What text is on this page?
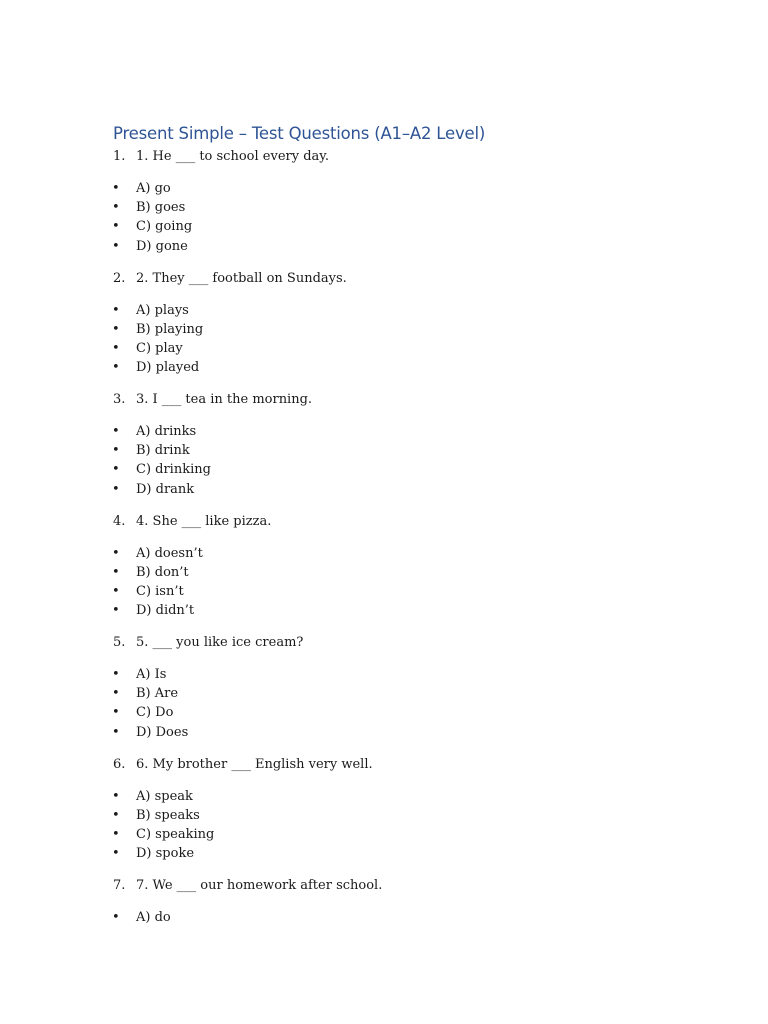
Present Simple – Test Questions (A1–A2 Level)
1. 1. He ___ to school every day.
• A) go
• B) goes
• C) going
• D) gone
2. 2. They ___ football on Sundays.
• A) plays
• B) playing
• C) play
• D) played
3. 3. I ___ tea in the morning.
• A) drinks
• B) drink
• C) drinking
• D) drank
4. 4. She ___ like pizza.
• A) doesn’t
• B) don’t
• C) isn’t
• D) didn’t
5. 5. ___ you like ice cream?
• A) Is
• B) Are
• C) Do
• D) Does
6. 6. My brother ___ English very well.
• A) speak
• B) speaks
• C) speaking
• D) spoke
7. 7. We ___ our homework after school.
• A) do
